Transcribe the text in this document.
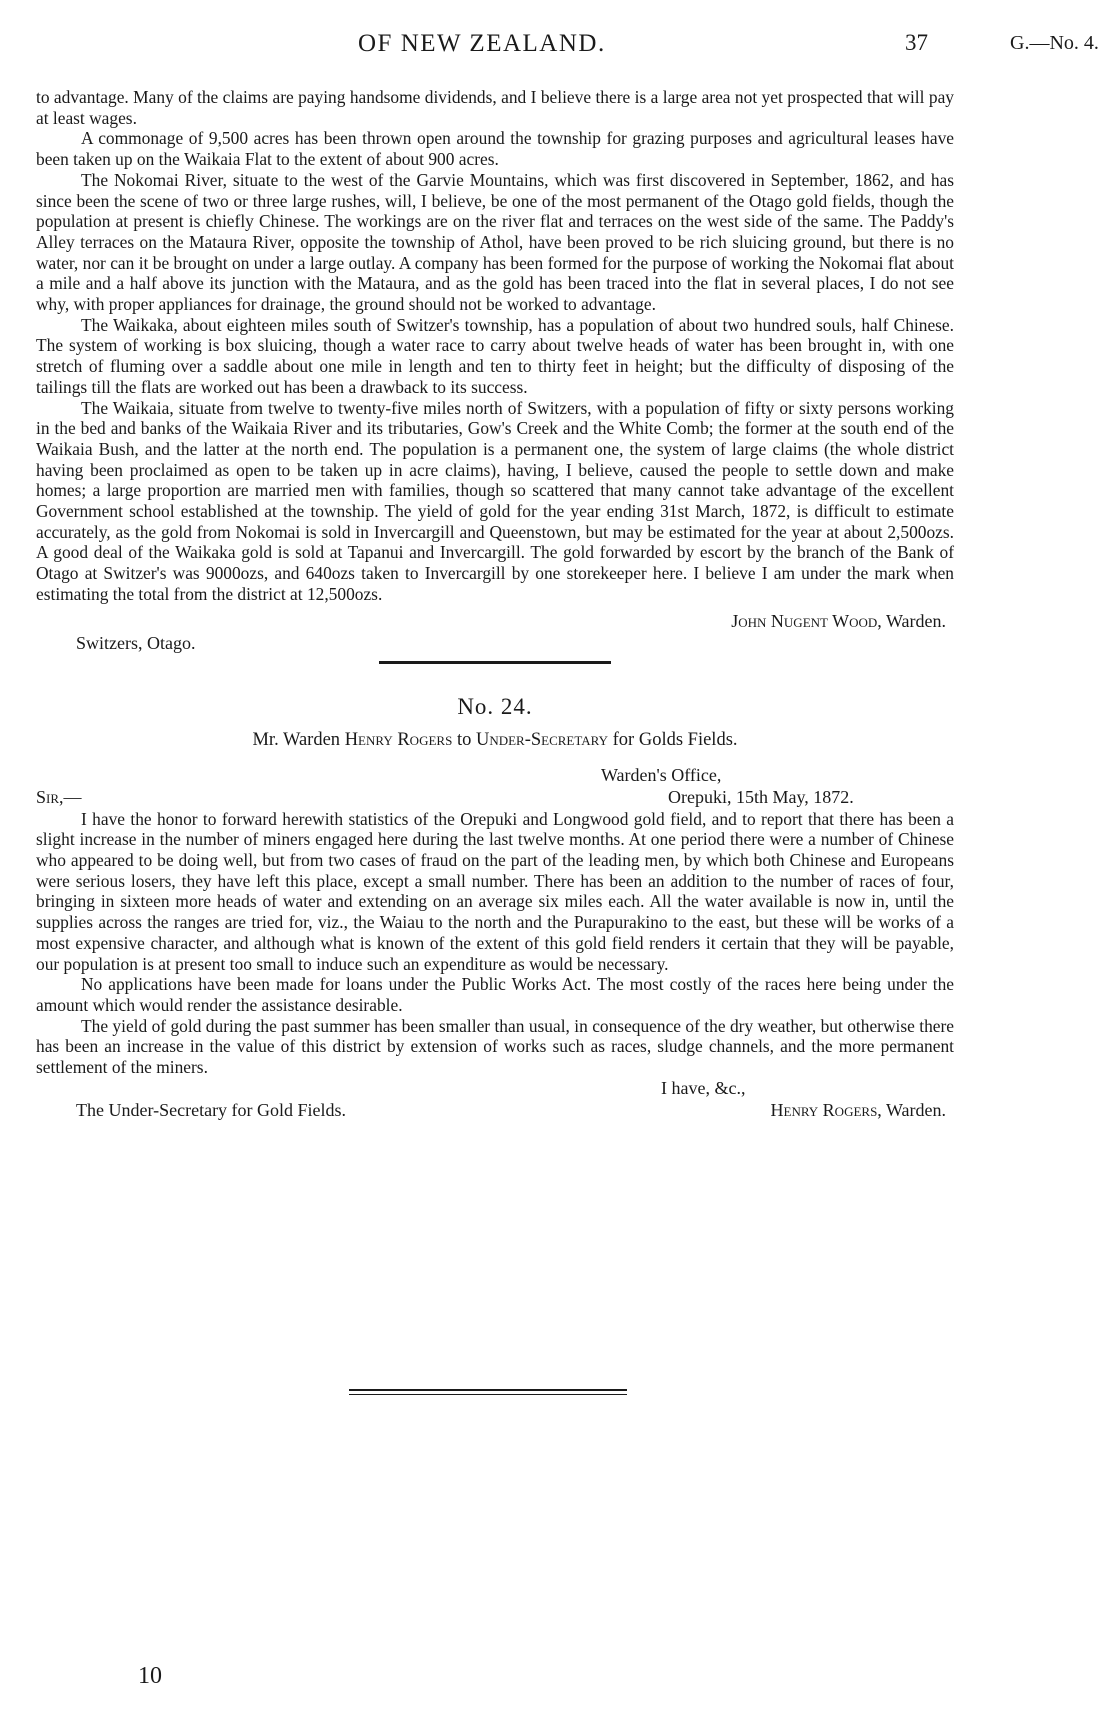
OF NEW ZEALAND.	37	G.—No. 4.

to advantage. Many of the claims are paying handsome dividends, and I believe there is a large area not yet prospected that will pay at least wages.

A commonage of 9,500 acres has been thrown open around the township for grazing purposes and agricultural leases have been taken up on the Waikaia Flat to the extent of about 900 acres.

The Nokomai River, situate to the west of the Garvie Mountains, which was first discovered in September, 1862, and has since been the scene of two or three large rushes, will, I believe, be one of the most permanent of the Otago gold fields, though the population at present is chiefly Chinese. The workings are on the river flat and terraces on the west side of the same. The Paddy's Alley terraces on the Mataura River, opposite the township of Athol, have been proved to be rich sluicing ground, but there is no water, nor can it be brought on under a large outlay. A company has been formed for the purpose of working the Nokomai flat about a mile and a half above its junction with the Mataura, and as the gold has been traced into the flat in several places, I do not see why, with proper appliances for drainage, the ground should not be worked to advantage.

The Waikaka, about eighteen miles south of Switzer's township, has a population of about two hundred souls, half Chinese. The system of working is box sluicing, though a water race to carry about twelve heads of water has been brought in, with one stretch of fluming over a saddle about one mile in length and ten to thirty feet in height; but the difficulty of disposing of the tailings till the flats are worked out has been a drawback to its success.

The Waikaia, situate from twelve to twenty-five miles north of Switzers, with a population of fifty or sixty persons working in the bed and banks of the Waikaia River and its tributaries, Gow's Creek and the White Comb; the former at the south end of the Waikaia Bush, and the latter at the north end. The population is a permanent one, the system of large claims (the whole district having been proclaimed as open to be taken up in acre claims), having, I believe, caused the people to settle down and make homes; a large proportion are married men with families, though so scattered that many cannot take advantage of the excellent Government school established at the township. The yield of gold for the year ending 31st March, 1872, is difficult to estimate accurately, as the gold from Nokomai is sold in Invercargill and Queenstown, but may be estimated for the year at about 2,500ozs. A good deal of the Waikaka gold is sold at Tapanui and Invercargill. The gold forwarded by escort by the branch of the Bank of Otago at Switzer's was 9000ozs, and 640ozs taken to Invercargill by one storekeeper here. I believe I am under the mark when estimating the total from the district at 12,500ozs.

John Nugent Wood, Warden.
Switzers, Otago.
No. 24.
Mr. Warden Henry Rogers to Under-Secretary for Golds Fields.
Warden's Office,
Orepuki, 15th May, 1872.
Sir,—

I have the honor to forward herewith statistics of the Orepuki and Longwood gold field, and to report that there has been a slight increase in the number of miners engaged here during the last twelve months. At one period there were a number of Chinese who appeared to be doing well, but from two cases of fraud on the part of the leading men, by which both Chinese and Europeans were serious losers, they have left this place, except a small number. There has been an addition to the number of races of four, bringing in sixteen more heads of water and extending on an average six miles each. All the water available is now in, until the supplies across the ranges are tried for, viz., the Waiau to the north and the Purapurakino to the east, but these will be works of a most expensive character, and although what is known of the extent of this gold field renders it certain that they will be payable, our population is at present too small to induce such an expenditure as would be necessary.

No applications have been made for loans under the Public Works Act. The most costly of the races here being under the amount which would render the assistance desirable.

The yield of gold during the past summer has been smaller than usual, in consequence of the dry weather, but otherwise there has been an increase in the value of this district by extension of works such as races, sludge channels, and the more permanent settlement of the miners.

I have, &c.,
The Under-Secretary for Gold Fields.	Henry Rogers, Warden.
10
